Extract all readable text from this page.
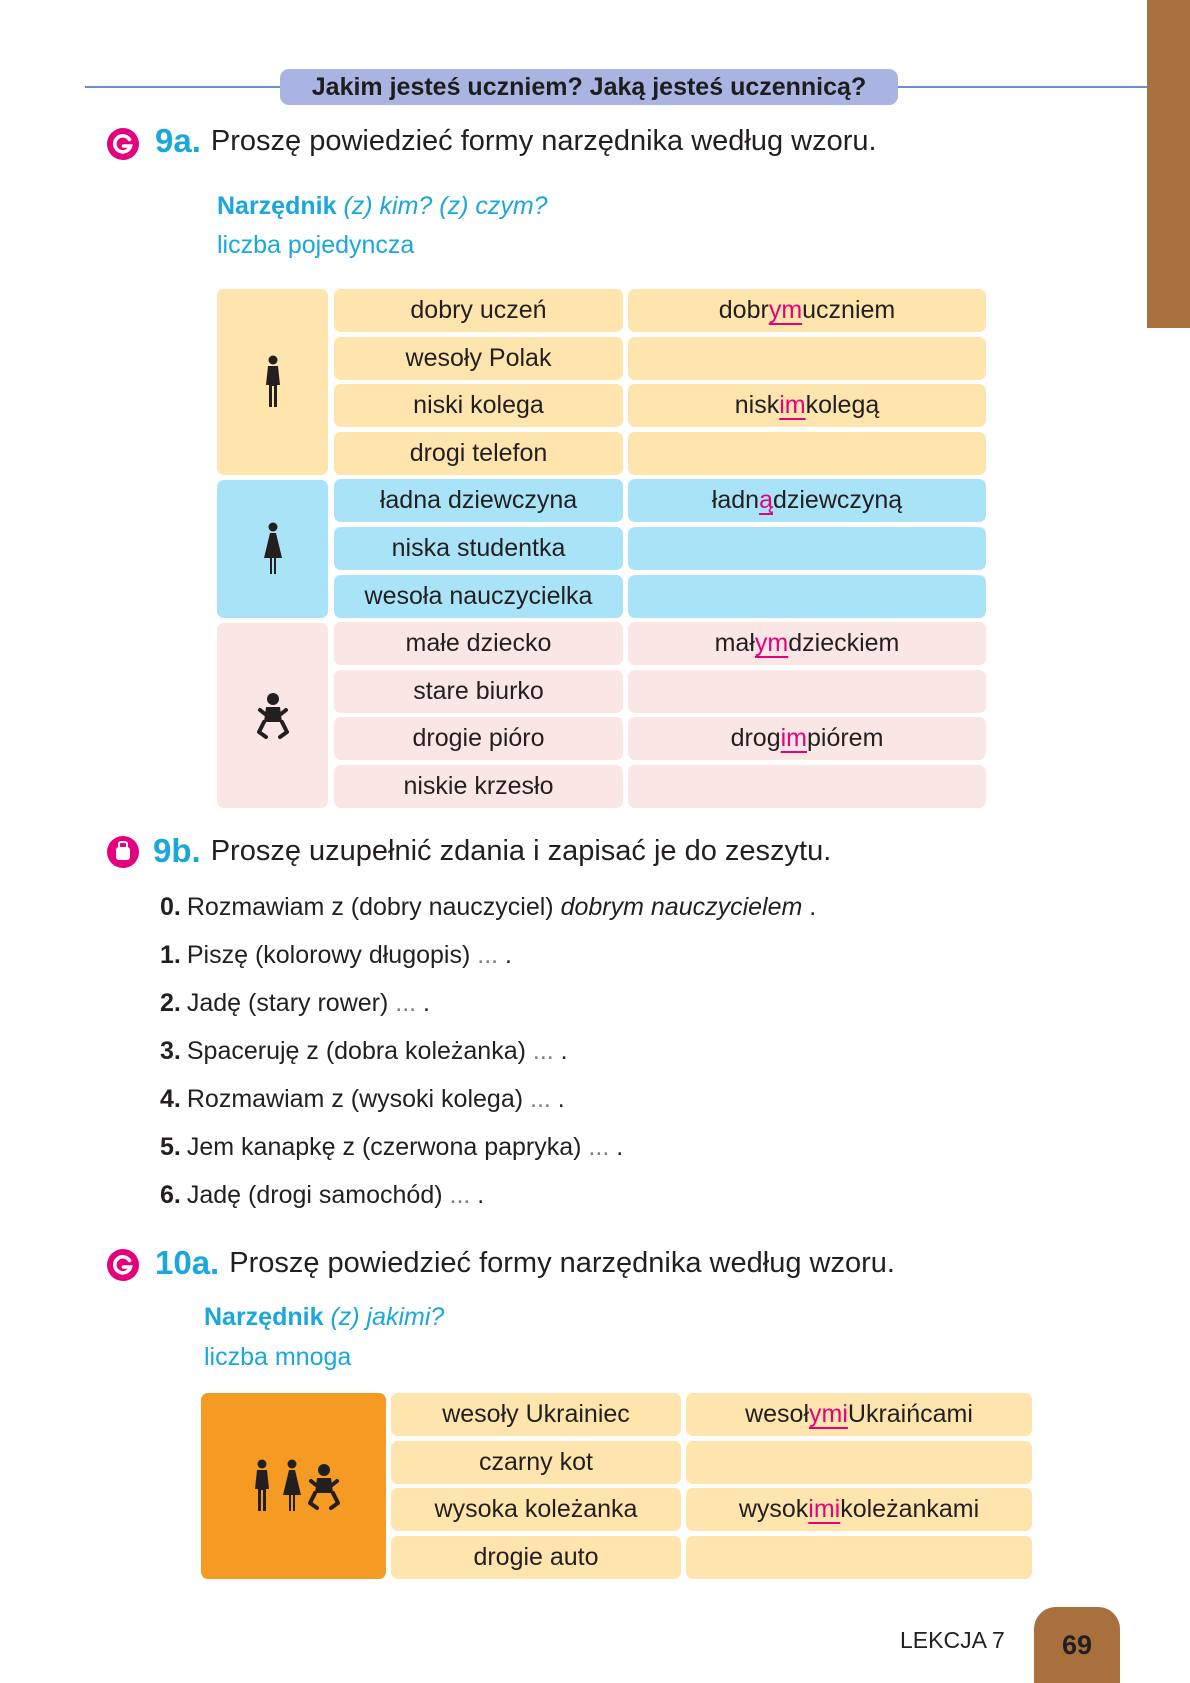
Jakim jesteś uczniem? Jaką jesteś uczennicą?
9a. Proszę powiedzieć formy narzędnika według wzoru.
Narzędnik (z) kim? (z) czym?
liczba pojedyncza
dobry uczeń	dobr ym uczniem
wesoły Polak
niski kolega	nisk im kolegą
drogi telefon
ładna dziewczyna	ładn ą dziewczyną
niska studentka
wesoła nauczycielka
małe dziecko	mał ym dzieckiem
stare biurko
drogie pióro	drog im piórem
niskie krzesło
9b. Proszę uzupełnić zdania i zapisać je do zeszytu.
0. Rozmawiam z (dobry nauczyciel) dobrym nauczycielem .
1. Piszę (kolorowy długopis) ... .
2. Jadę (stary rower) ... .
3. Spaceruję z (dobra koleżanka) ... .
4. Rozmawiam z (wysoki kolega) ... .
5. Jem kanapkę z (czerwona papryka) ... .
6. Jadę (drogi samochód) ... .
10a. Proszę powiedzieć formy narzędnika według wzoru.
Narzędnik (z) jakimi?
liczba mnoga
wesoły Ukrainiec	wesoł ymi Ukraińcami
czarny kot
wysoka koleżanka	wysok imi koleżankami
drogie auto
LEKCJA 7	69
